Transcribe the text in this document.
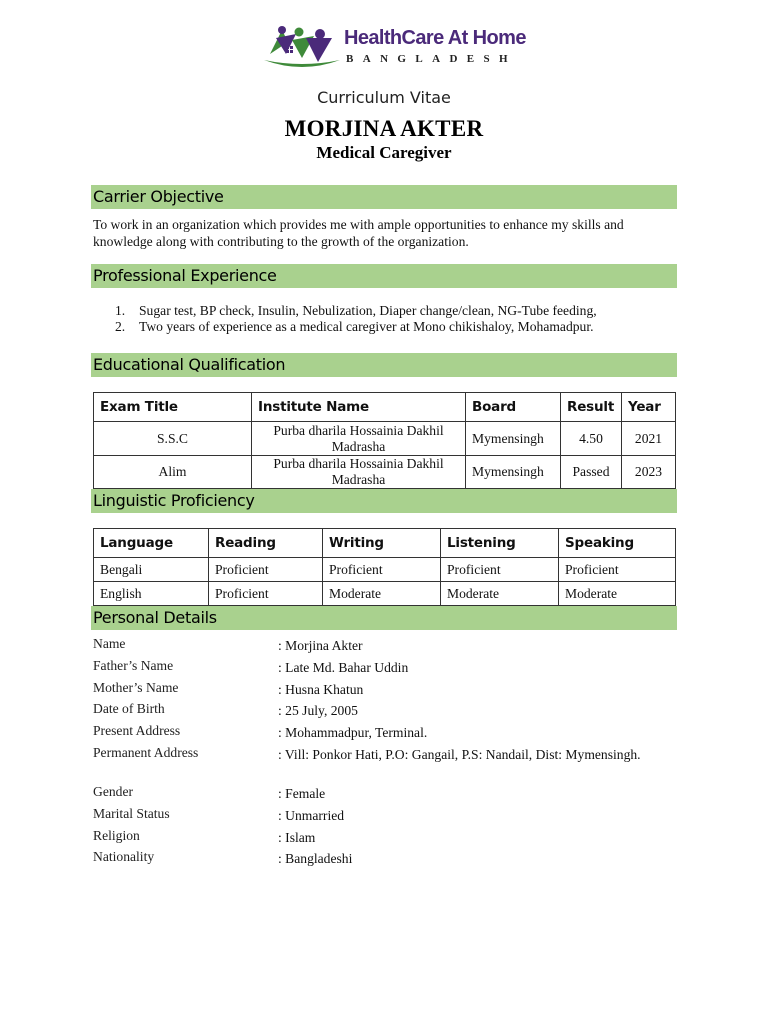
HealthCare At Home
BANGLADESH
Curriculum Vitae
MORJINA AKTER
Medical Caregiver
Carrier Objective
To work in an organization which provides me with ample opportunities to enhance my skills and knowledge along with contributing to the growth of the organization.
Professional Experience
1. Sugar test, BP check, Insulin, Nebulization, Diaper change/clean, NG-Tube feeding,
2. Two years of experience as a medical caregiver at Mono chikishaloy, Mohamadpur.
Educational Qualification
Exam Title	Institute Name	Board	Result	Year
S.S.C	Purba dharila Hossainia Dakhil Madrasha	Mymensingh	4.50	2021
Alim	Purba dharila Hossainia Dakhil Madrasha	Mymensingh	Passed	2023
Linguistic Proficiency
Language	Reading	Writing	Listening	Speaking
Bengali	Proficient	Proficient	Proficient	Proficient
English	Proficient	Moderate	Moderate	Moderate
Personal Details
Name	: Morjina Akter
Father’s Name	: Late Md. Bahar Uddin
Mother’s Name	: Husna Khatun
Date of Birth	: 25 July, 2005
Present Address	: Mohammadpur, Terminal.
Permanent Address	: Vill: Ponkor Hati, P.O: Gangail, P.S: Nandail, Dist: Mymensingh.
Gender	: Female
Marital Status	: Unmarried
Religion	: Islam
Nationality	: Bangladeshi
